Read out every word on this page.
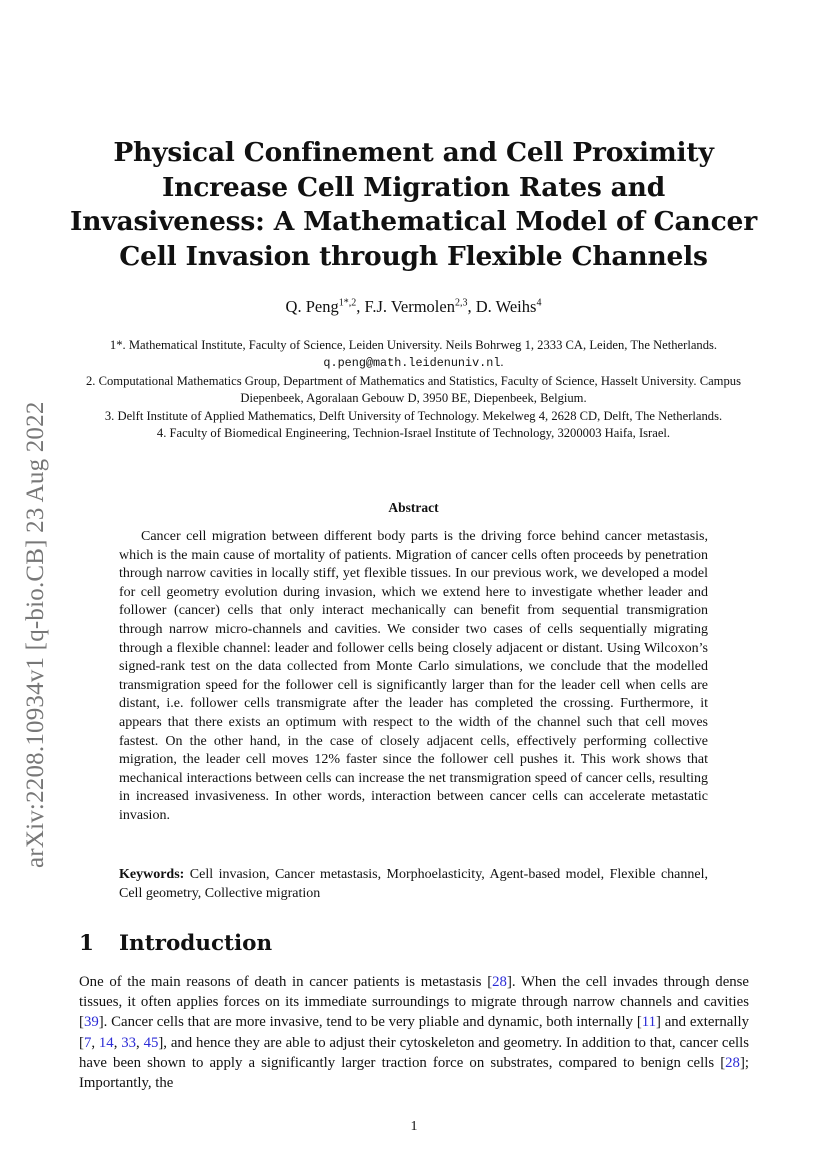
arXiv:2208.10934v1 [q-bio.CB] 23 Aug 2022
Physical Confinement and Cell Proximity
Increase Cell Migration Rates and
Invasiveness: A Mathematical Model of Cancer
Cell Invasion through Flexible Channels
Q. Peng$^{1*,2}$, F.J. Vermolen$^{2,3}$, D. Weihs$^4$
1*. Mathematical Institute, Faculty of Science, Leiden University. Neils Bohrweg 1, 2333 CA, Leiden, The Netherlands. q.peng@math.leidenuniv.nl.
2. Computational Mathematics Group, Department of Mathematics and Statistics, Faculty of Science, Hasselt University. Campus Diepenbeek, Agoralaan Gebouw D, 3950 BE, Diepenbeek, Belgium.
3. Delft Institute of Applied Mathematics, Delft University of Technology. Mekelweg 4, 2628 CD, Delft, The Netherlands.
4. Faculty of Biomedical Engineering, Technion-Israel Institute of Technology, 3200003 Haifa, Israel.
Abstract
Cancer cell migration between different body parts is the driving force behind cancer metastasis, which is the main cause of mortality of patients. Migration of cancer cells often proceeds by penetration through narrow cavities in locally stiff, yet flexible tissues. In our previous work, we developed a model for cell geometry evolution during invasion, which we extend here to investigate whether leader and follower (cancer) cells that only interact mechanically can benefit from sequential transmigration through narrow micro-channels and cavities. We consider two cases of cells sequentially migrating through a flexible channel: leader and follower cells being closely adjacent or distant. Using Wilcoxon’s signed-rank test on the data collected from Monte Carlo simulations, we conclude that the modelled transmigration speed for the follower cell is significantly larger than for the leader cell when cells are distant, i.e. follower cells transmigrate after the leader has completed the crossing. Furthermore, it appears that there exists an optimum with respect to the width of the channel such that cell moves fastest. On the other hand, in the case of closely adjacent cells, effectively performing collective migration, the leader cell moves 12% faster since the follower cell pushes it. This work shows that mechanical interactions between cells can increase the net transmigration speed of cancer cells, resulting in increased invasiveness. In other words, interaction between cancer cells can accelerate metastatic invasion.
Keywords: Cell invasion, Cancer metastasis, Morphoelasticity, Agent-based model, Flexible channel, Cell geometry, Collective migration
1 Introduction
One of the main reasons of death in cancer patients is metastasis [28]. When the cell invades through dense tissues, it often applies forces on its immediate surroundings to migrate through narrow channels and cavities [39]. Cancer cells that are more invasive, tend to be very pliable and dynamic, both internally [11] and externally [7, 14, 33, 45], and hence they are able to adjust their cytoskeleton and geometry. In addition to that, cancer cells have been shown to apply a significantly larger traction force on substrates, compared to benign cells [28]; Importantly, the
1
